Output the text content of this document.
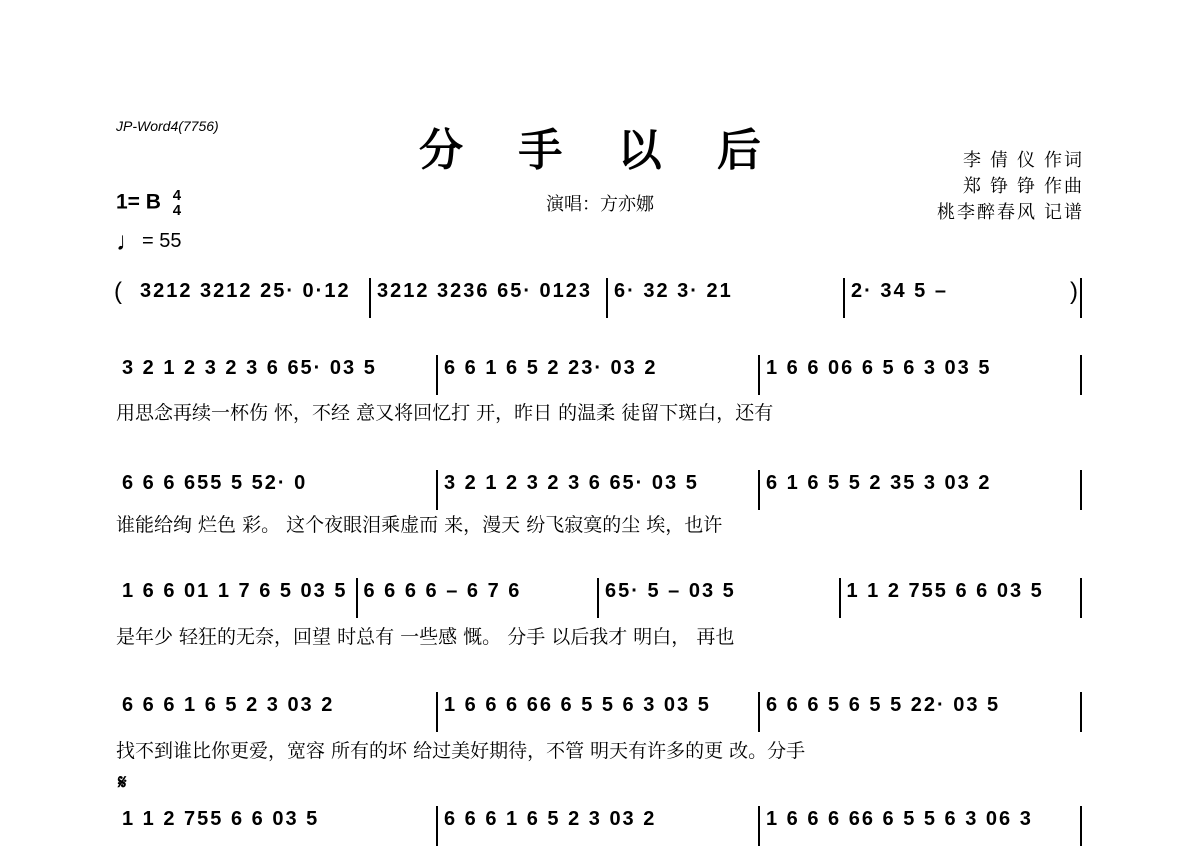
JP-Word4(7756)	分 手 以 后
演唱：方亦娜
李 倩 仪 作词
郑 铮 铮 作曲
桃李醉春风 记谱
1= B 4
4
♩= 55
𝄋
(	)
3212 3212 25· 0·12 3212 3236 65· 0123 6· 32 3· 21	2· 34 5 –
3 2 1 2 3 2 3 6 65· 03 5	6 6 1 6 5 2 23· 03 2	1 6 6 06 6 5 6 3 03 5
用思念再续一杯伤 怀，不经 意又将回忆打 开，昨日 的温柔 徒留下斑白，还有
6 6 6 655 5 52· 0	3 2 1 2 3 2 3 6 65· 03 5	6 1 6 5 5 2 35 3 03 2
谁能给绚 烂色 彩。 这个夜眼泪乘虚而 来，漫天 纷飞寂寞的尘 埃，也许
1 6 6 01 1 7 6 5 03 5 6 6 6 6 – 6 7 6	65· 5 – 03 5	1 1 2 755 6 6 03 5
是年少 轻狂的无奈，回望 时总有 一些感 慨。 分手 以后我才 明白， 再也
6 6 6 1 6 5 2 3 03 2	1 6 6 6 66 6 5 5 6 3 03 5	6 6 6 5 6 5 5 22· 03 5
找不到谁比你更爱，宽容 所有的坏 给过美好期待，不管 明天有许多的更 改。分手
1 1 2 755 6 6 03 5	6 6 6 1 6 5 2 3 03 2	1 6 6 6 66 6 5 5 6 3 06 3
